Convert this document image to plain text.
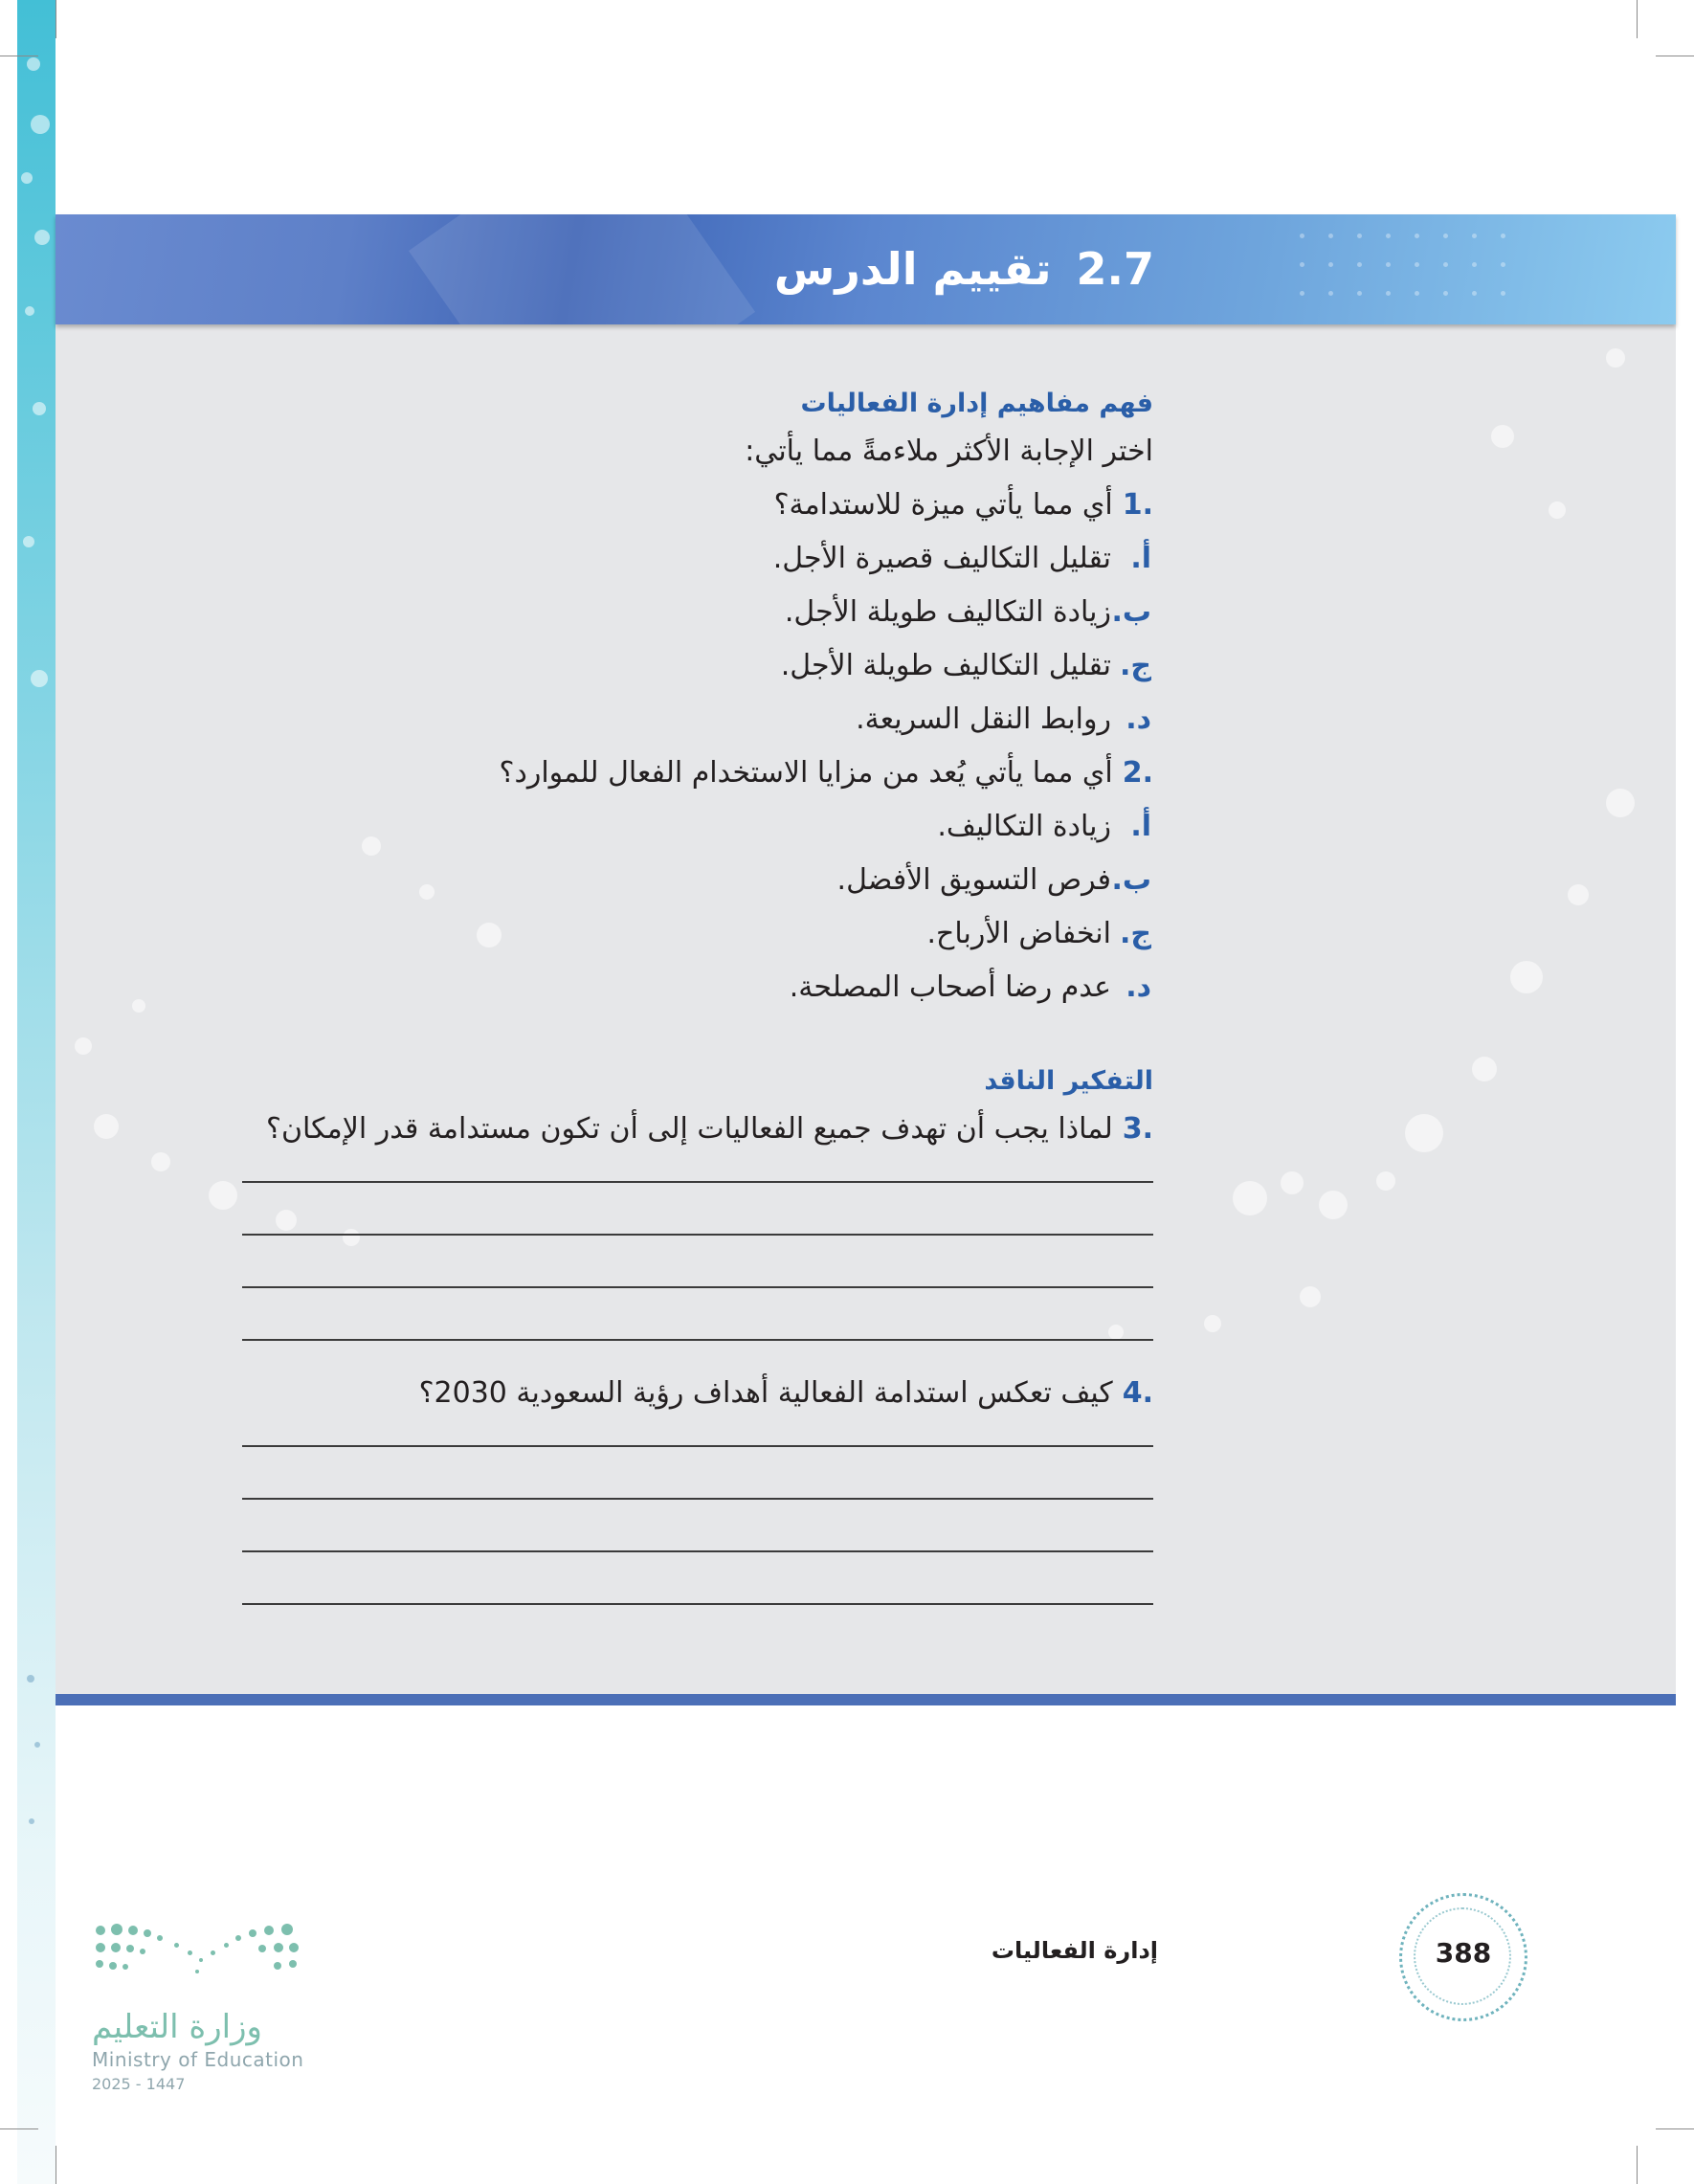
2.7تقييم الدرس
فهم مفاهيم إدارة الفعاليات
اختر الإجابة الأكثر ملاءمةً مما يأتي:
.1أي مما يأتي ميزة للاستدامة؟
أ.تقليل التكاليف قصيرة الأجل.
ب.زيادة التكاليف طويلة الأجل.
ج.تقليل التكاليف طويلة الأجل.
د.روابط النقل السريعة.
.2أي مما يأتي يُعد من مزايا الاستخدام الفعال للموارد؟
أ.زيادة التكاليف.
ب.فرص التسويق الأفضل.
ج.انخفاض الأرباح.
د.عدم رضا أصحاب المصلحة.
التفكير الناقد
.3لماذا يجب أن تهدف جميع الفعاليات إلى أن تكون مستدامة قدر الإمكان؟
.4كيف تعكس استدامة الفعالية أهداف رؤية السعودية 2030؟
إدارة الفعاليات	388
وزارة التعليم
Ministry of Education
2025 - 1447
